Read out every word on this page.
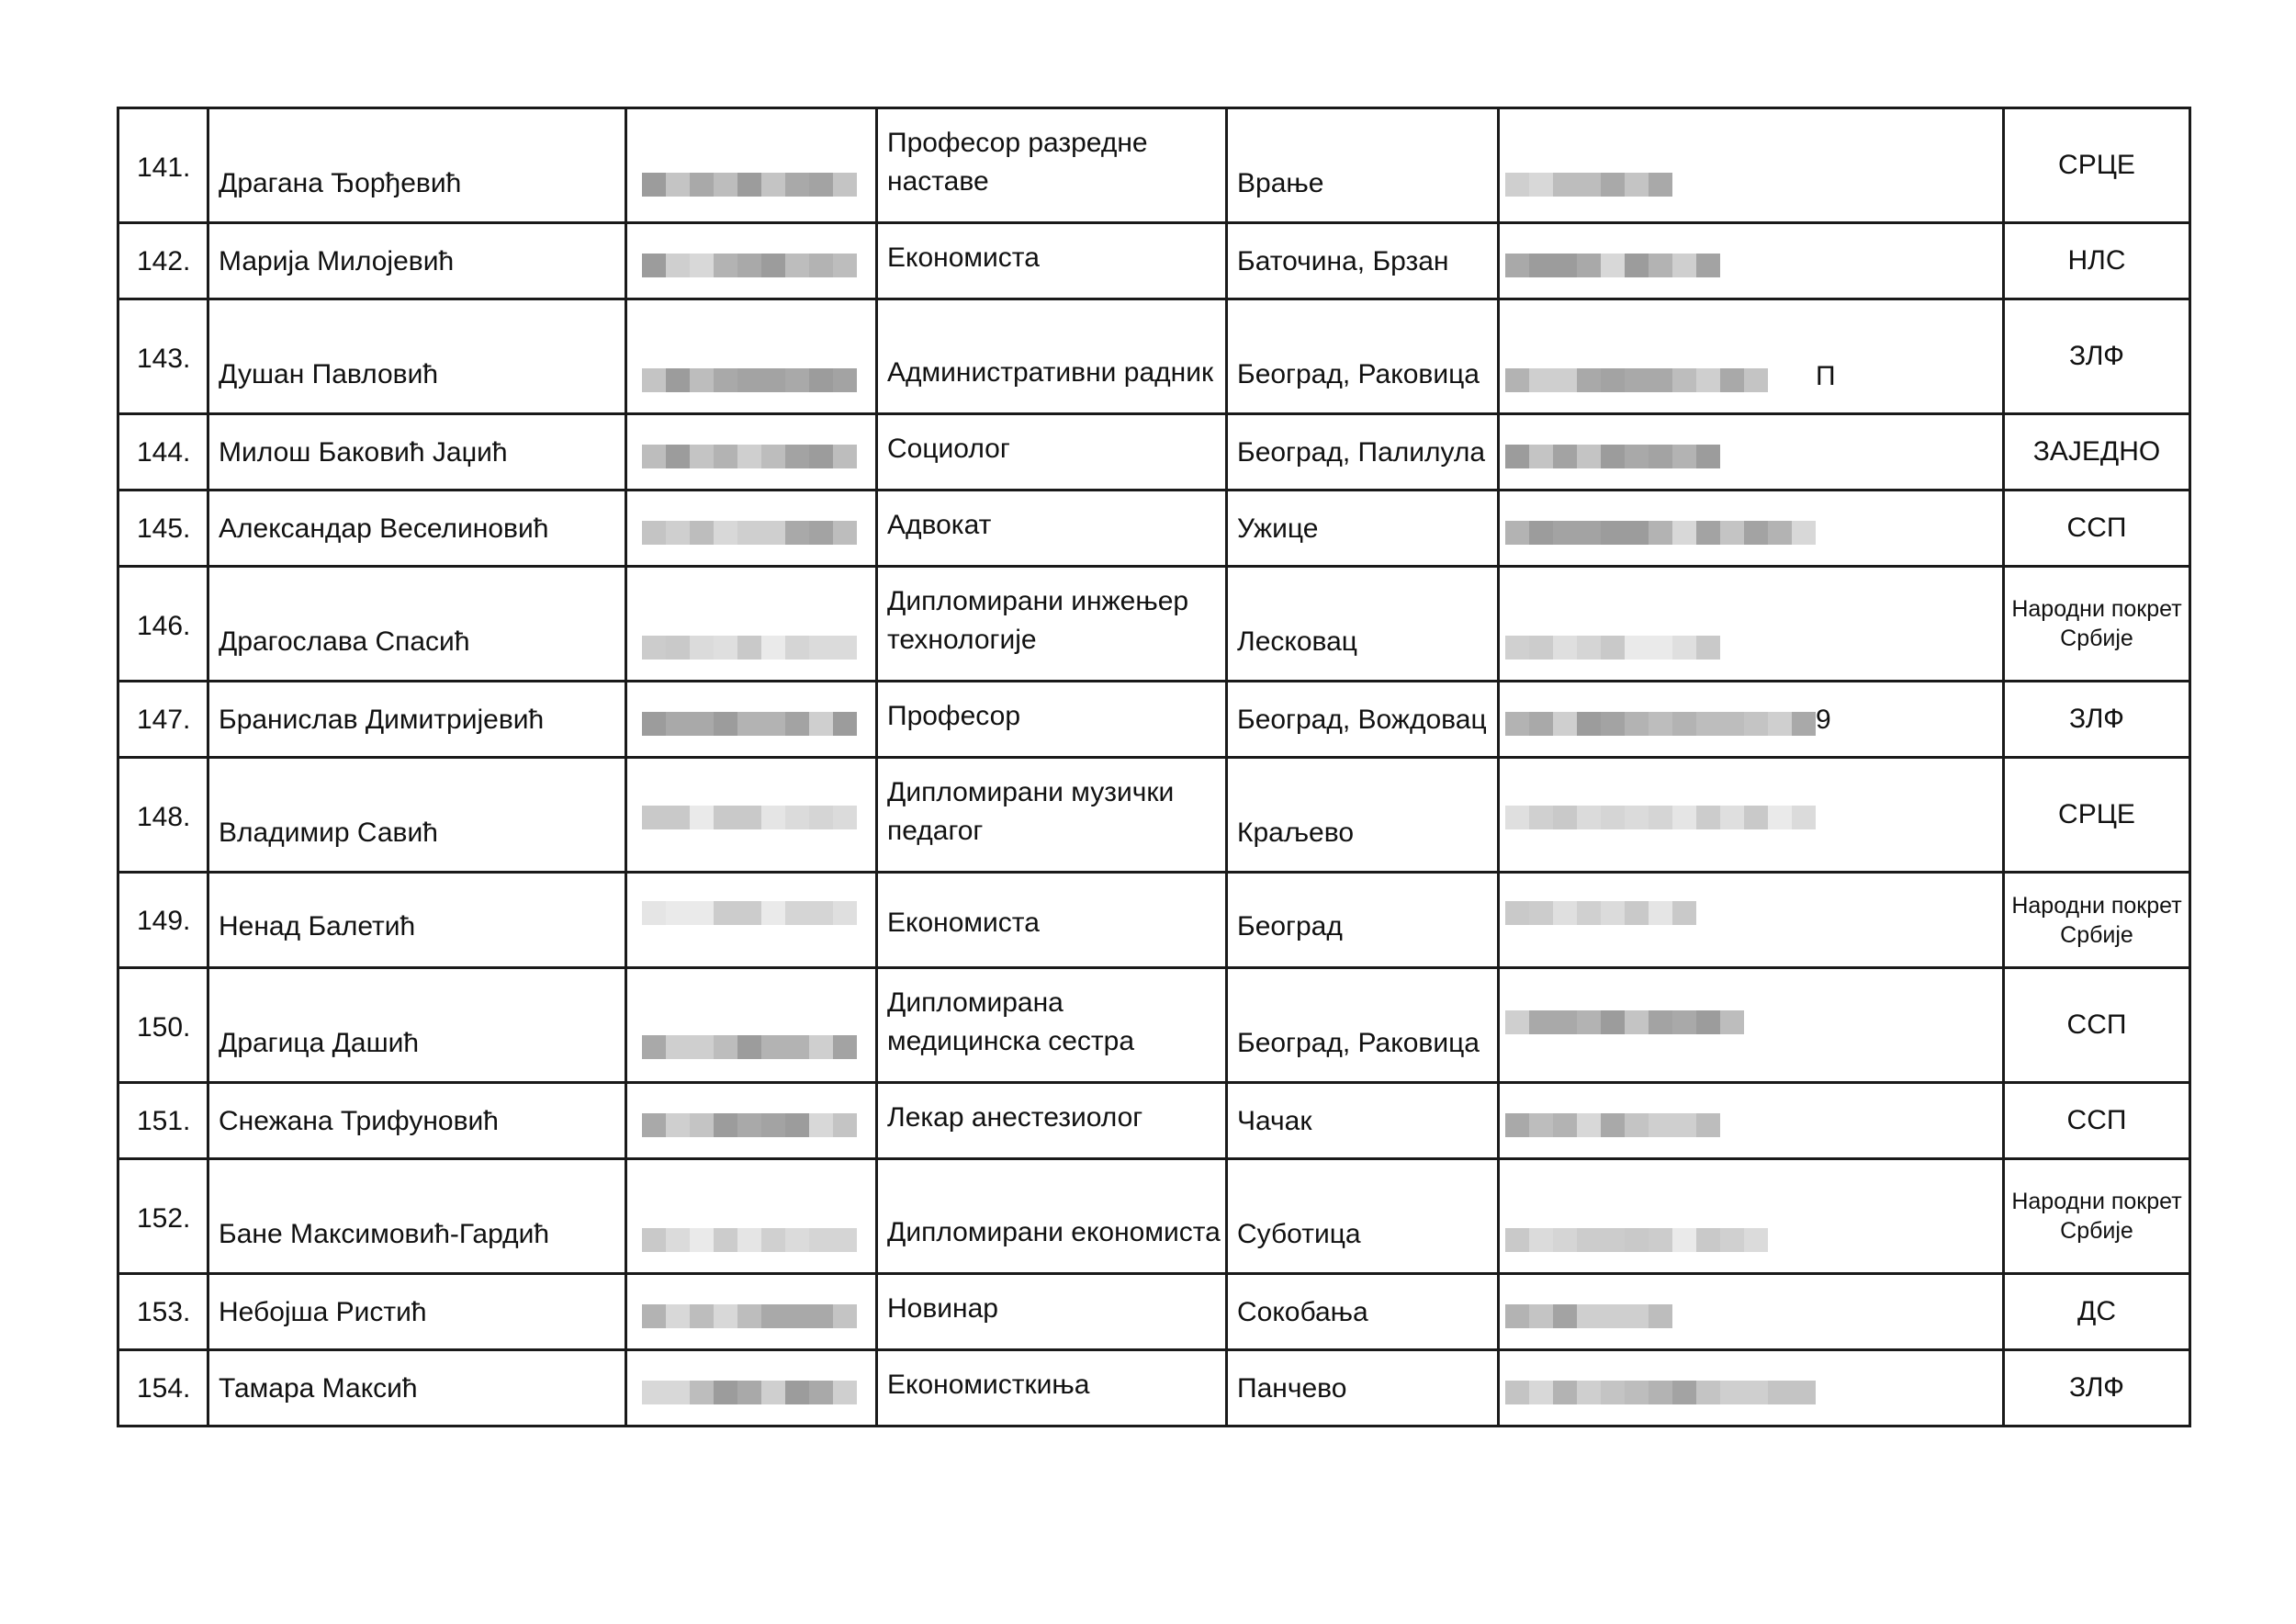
141.	Драгана Ђорђевић		Професор разредне наставе	Врање		СРЦЕ

142.	Марија Милојевић		Економиста	Баточина, Брзан		НЛС

143.	Душан Павловић		Административни радник	Београд, Раковица	П	ЗЛФ

144.	Милош Баковић Јаџић		Социолог	Београд, Палилула		ЗАЈЕДНО

145.	Александар Веселиновић		Адвокат	Ужице		ССП

146.	Драгослава Спасић		Дипломирани инжењер технологије	Лесковац		Народни покрет Србије

147.	Бранислав Димитријевић		Професор	Београд, Вождовац	9	ЗЛФ

148.	Владимир Савић		Дипломирани музички педагог	Краљево		СРЦЕ

149.	Ненад Балетић		Економиста	Београд		Народни покрет Србије

150.	Драгица Дашић		Дипломирана медицинска сестра	Београд, Раковица		ССП

151.	Снежана Трифуновић		Лекар анестезиолог	Чачак		ССП

152.	Бане Максимовић-Гардић		Дипломирани економиста	Суботица		Народни покрет Србије

153.	Небојша Ристић		Новинар	Сокобања		ДС

154.	Тамара Максић		Економисткиња	Панчево		ЗЛФ
